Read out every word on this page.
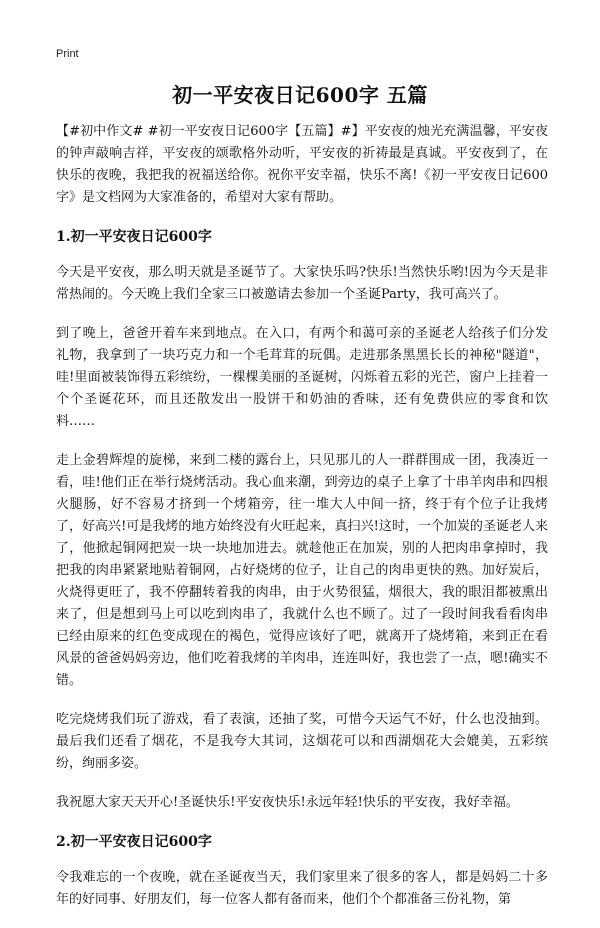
Print
初一平安夜日记600字 五篇

【#初中作文# #初一平安夜日记600字【五篇】#】平安夜的烛光充满温馨，平安夜的钟声敲响吉祥，平安夜的颂歌格外动听，平安夜的祈祷最是真诚。平安夜到了，在快乐的夜晚，我把我的祝福送给你。祝你平安幸福，快乐不离!《初一平安夜日记600字》是文档网为大家准备的，希望对大家有帮助。

1.初一平安夜日记600字

今天是平安夜，那么明天就是圣诞节了。大家快乐吗?快乐!当然快乐哟!因为今天是非常热闹的。今天晚上我们全家三口被邀请去参加一个圣诞Party，我可高兴了。

到了晚上，爸爸开着车来到地点。在入口，有两个和蔼可亲的圣诞老人给孩子们分发礼物，我拿到了一块巧克力和一个毛茸茸的玩偶。走进那条黑黑长长的神秘"隧道"，哇!里面被装饰得五彩缤纷，一棵棵美丽的圣诞树，闪烁着五彩的光芒，窗户上挂着一个个圣诞花环，而且还散发出一股饼干和奶油的香味，还有免费供应的零食和饮料……

走上金碧辉煌的旋梯，来到二楼的露台上，只见那儿的人一群群围成一团，我凑近一看，哇!他们正在举行烧烤活动。我心血来潮，到旁边的桌子上拿了十串羊肉串和四根火腿肠，好不容易才挤到一个烤箱旁，往一堆大人中间一挤，终于有个位子让我烤了，好高兴!可是我烤的地方始终没有火旺起来，真扫兴!这时，一个加炭的圣诞老人来了，他掀起铜网把炭一块一块地加进去。就趁他正在加炭，别的人把肉串拿掉时，我把我的肉串紧紧地贴着铜网，占好烧烤的位子，让自己的肉串更快的熟。加好炭后，火烧得更旺了，我不停翻转着我的肉串，由于火势很猛，烟很大，我的眼泪都被熏出来了，但是想到马上可以吃到肉串了，我就什么也不顾了。过了一段时间我看看肉串已经由原来的红色变成现在的褐色，觉得应该好了吧，就离开了烧烤箱，来到正在看风景的爸爸妈妈旁边，他们吃着我烤的羊肉串，连连叫好，我也尝了一点，嗯!确实不错。

吃完烧烤我们玩了游戏，看了表演，还抽了奖，可惜今天运气不好，什么也没抽到。最后我们还看了烟花，不是我夸大其词，这烟花可以和西湖烟花大会媲美，五彩缤纷，绚丽多姿。

我祝愿大家天天开心!圣诞快乐!平安夜快乐!永远年轻!快乐的平安夜，我好幸福。

2.初一平安夜日记600字

令我难忘的一个夜晚，就在圣诞夜当天，我们家里来了很多的客人，都是妈妈二十多年的好同事、好朋友们，每一位客人都有备而来，他们个个都准备三份礼物，第
